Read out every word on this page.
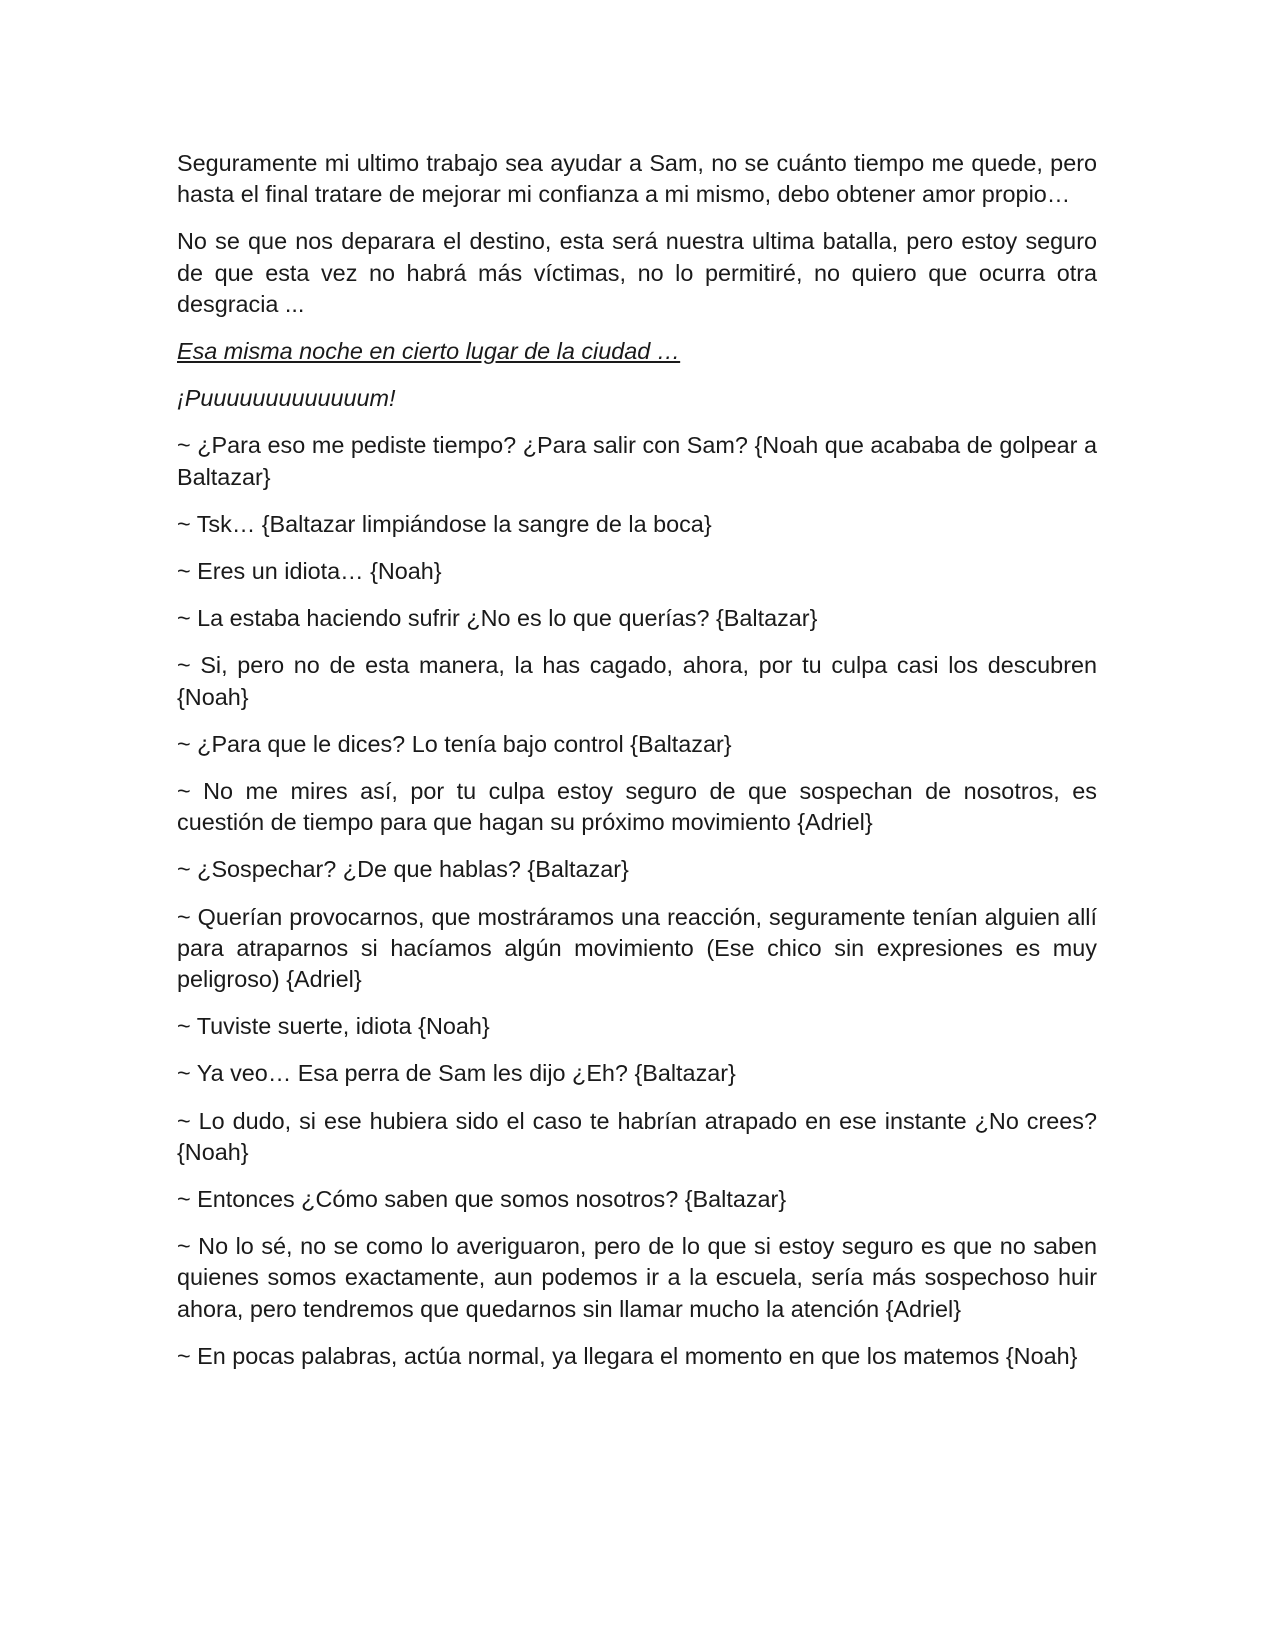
Seguramente mi ultimo trabajo sea ayudar a Sam, no se cuánto tiempo me quede, pero hasta el final tratare de mejorar mi confianza a mi mismo, debo obtener amor propio…

No se que nos deparara el destino, esta será nuestra ultima batalla, pero estoy seguro de que esta vez no habrá más víctimas, no lo permitiré, no quiero que ocurra otra desgracia ...

Esa misma noche en cierto lugar de la ciudad …

¡Puuuuuuuuuuuuum!

~ ¿Para eso me pediste tiempo? ¿Para salir con Sam? {Noah que acababa de golpear a Baltazar}

~ Tsk… {Baltazar limpiándose la sangre de la boca}

~ Eres un idiota… {Noah}

~ La estaba haciendo sufrir ¿No es lo que querías? {Baltazar}

~ Si, pero no de esta manera, la has cagado, ahora, por tu culpa casi los descubren {Noah}

~ ¿Para que le dices? Lo tenía bajo control {Baltazar}

~ No me mires así, por tu culpa estoy seguro de que sospechan de nosotros, es cuestión de tiempo para que hagan su próximo movimiento {Adriel}

~ ¿Sospechar? ¿De que hablas? {Baltazar}

~ Querían provocarnos, que mostráramos una reacción, seguramente tenían alguien allí para atraparnos si hacíamos algún movimiento (Ese chico sin expresiones es muy peligroso) {Adriel}

~ Tuviste suerte, idiota {Noah}

~ Ya veo… Esa perra de Sam les dijo ¿Eh? {Baltazar}

~ Lo dudo, si ese hubiera sido el caso te habrían atrapado en ese instante ¿No crees? {Noah}

~ Entonces ¿Cómo saben que somos nosotros? {Baltazar}

~ No lo sé, no se como lo averiguaron, pero de lo que si estoy seguro es que no saben quienes somos exactamente, aun podemos ir a la escuela, sería más sospechoso huir ahora, pero tendremos que quedarnos sin llamar mucho la atención {Adriel}

~ En pocas palabras, actúa normal, ya llegara el momento en que los matemos {Noah}
